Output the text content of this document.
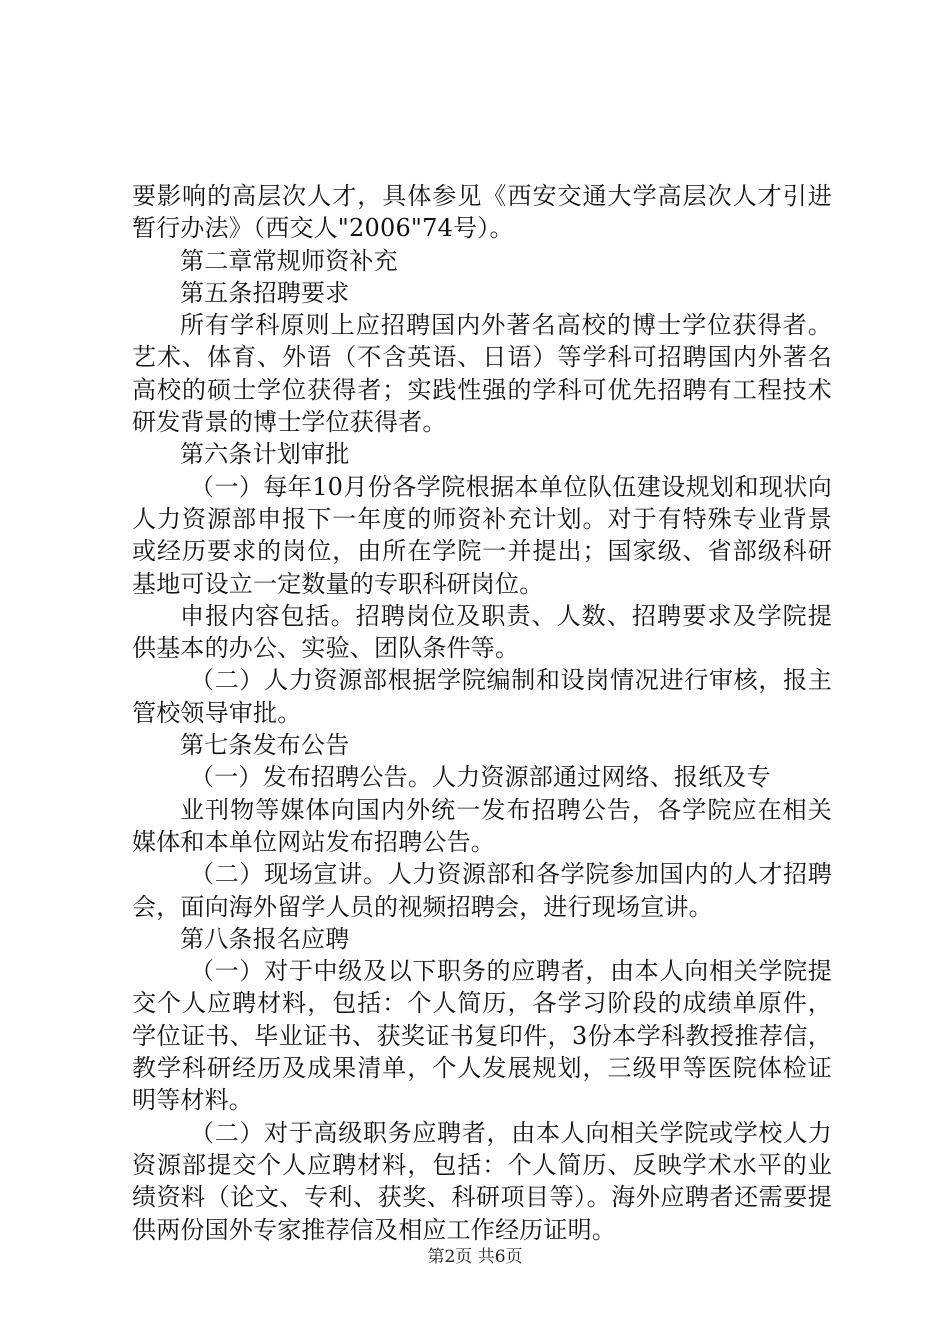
要影响的高层次人才，具体参见《西安交通大学高层次人才引进暂行办法》（西交人"2006"74号）。

第二章常规师资补充

第五条招聘要求

所有学科原则上应招聘国内外著名高校的博士学位获得者。艺术、体育、外语（不含英语、日语）等学科可招聘国内外著名高校的硕士学位获得者；实践性强的学科可优先招聘有工程技术研发背景的博士学位获得者。

第六条计划审批

（一）每年10月份各学院根据本单位队伍建设规划和现状向人力资源部申报下一年度的师资补充计划。对于有特殊专业背景或经历要求的岗位，由所在学院一并提出；国家级、省部级科研基地可设立一定数量的专职科研岗位。

申报内容包括。招聘岗位及职责、人数、招聘要求及学院提供基本的办公、实验、团队条件等。

（二）人力资源部根据学院编制和设岗情况进行审核，报主管校领导审批。

第七条发布公告

（一）发布招聘公告。人力资源部通过网络、报纸及专

业刊物等媒体向国内外统一发布招聘公告，各学院应在相关媒体和本单位网站发布招聘公告。

（二）现场宣讲。人力资源部和各学院参加国内的人才招聘会，面向海外留学人员的视频招聘会，进行现场宣讲。

第八条报名应聘

（一）对于中级及以下职务的应聘者，由本人向相关学院提交个人应聘材料，包括：个人简历，各学习阶段的成绩单原件，学位证书、毕业证书、获奖证书复印件，3份本学科教授推荐信，教学科研经历及成果清单，个人发展规划，三级甲等医院体检证明等材料。

（二）对于高级职务应聘者，由本人向相关学院或学校人力资源部提交个人应聘材料，包括：个人简历、反映学术水平的业绩资料（论文、专利、获奖、科研项目等）。海外应聘者还需要提供两份国外专家推荐信及相应工作经历证明。

第2页 共6页
